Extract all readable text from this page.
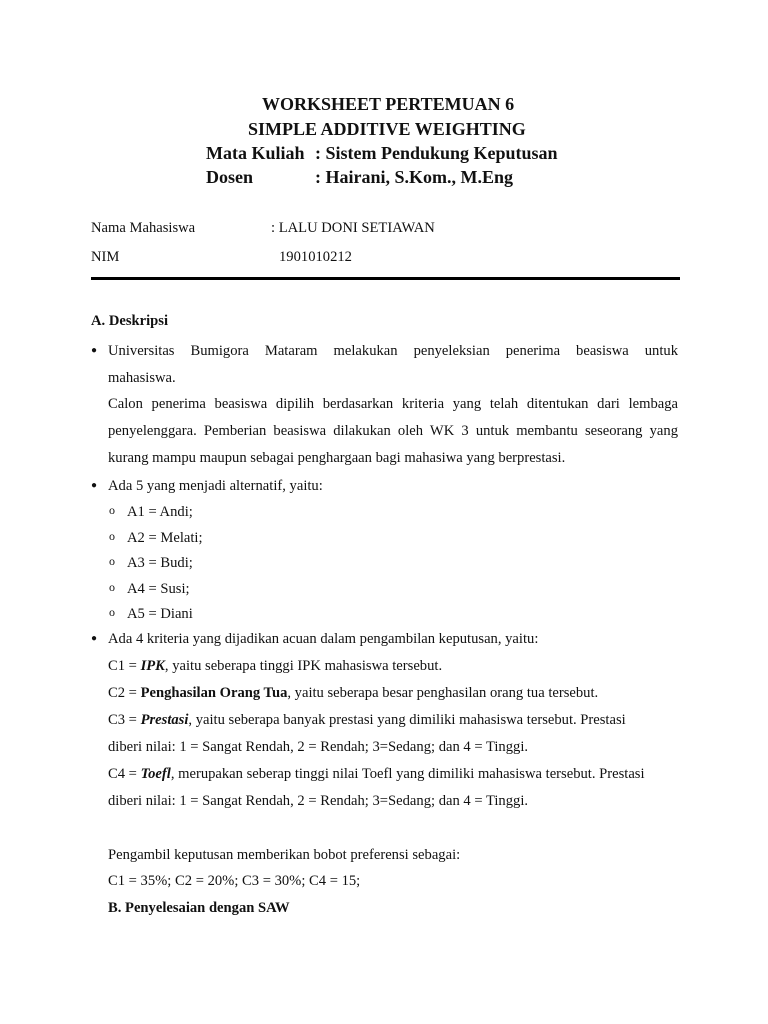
WORKSHEET PERTEMUAN 6
SIMPLE ADDITIVE WEIGHTING
Mata Kuliah : Sistem Pendukung Keputusan
Dosen	: Hairani, S.Kom., M.Eng
Nama Mahasiswa	: LALU DONI SETIAWAN
NIM	1901010212
A. Deskripsi
● Universitas Bumigora Mataram melakukan penyeleksian penerima beasiswa untuk
mahasiswa.
Calon penerima beasiswa dipilih berdasarkan kriteria yang telah ditentukan dari lembaga
penyelenggara. Pemberian beasiswa dilakukan oleh WK 3 untuk membantu seseorang yang
kurang mampu maupun sebagai penghargaan bagi mahasiwa yang berprestasi.
● Ada 5 yang menjadi alternatif, yaitu:
o A1 = Andi;
o A2 = Melati;
o A3 = Budi;
o A4 = Susi;
o A5 = Diani
● Ada 4 kriteria yang dijadikan acuan dalam pengambilan keputusan, yaitu:
C1 = IPK, yaitu seberapa tinggi IPK mahasiswa tersebut.
C2 = Penghasilan Orang Tua, yaitu seberapa besar penghasilan orang tua tersebut.
C3 = Prestasi, yaitu seberapa banyak prestasi yang dimiliki mahasiswa tersebut. Prestasi
diberi nilai: 1 = Sangat Rendah, 2 = Rendah; 3=Sedang; dan 4 = Tinggi.
C4 = Toefl, merupakan seberap tinggi nilai Toefl yang dimiliki mahasiswa tersebut. Prestasi
diberi nilai: 1 = Sangat Rendah, 2 = Rendah; 3=Sedang; dan 4 = Tinggi.
Pengambil keputusan memberikan bobot preferensi sebagai:
C1 = 35%; C2 = 20%; C3 = 30%; C4 = 15;
B. Penyelesaian dengan SAW
